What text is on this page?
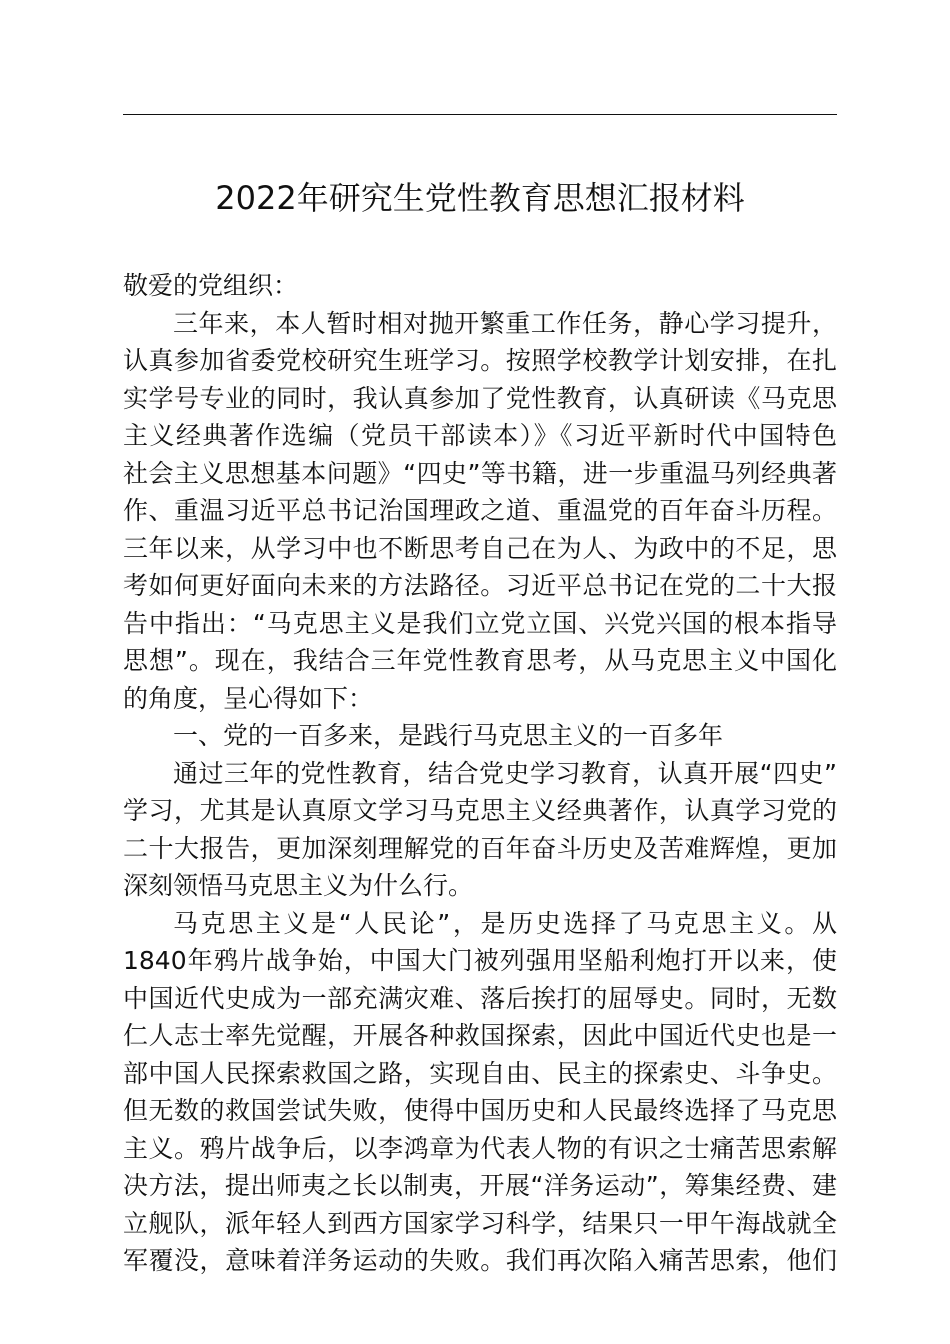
2022年研究生党性教育思想汇报材料
敬爱的党组织：
三年来，本人暂时相对抛开繁重工作任务，静心学习提升，
认真参加省委党校研究生班学习。按照学校教学计划安排，在扎
实学号专业的同时，我认真参加了党性教育，认真研读《马克思
主义经典著作选编（党员干部读本）》《习近平新时代中国特色
社会主义思想基本问题》“四史”等书籍，进一步重温马列经典著
作、重温习近平总书记治国理政之道、重温党的百年奋斗历程。
三年以来，从学习中也不断思考自己在为人、为政中的不足，思
考如何更好面向未来的方法路径。习近平总书记在党的二十大报
告中指出：“马克思主义是我们立党立国、兴党兴国的根本指导
思想”。现在，我结合三年党性教育思考，从马克思主义中国化
的角度，呈心得如下：
一、党的一百多来，是践行马克思主义的一百多年
通过三年的党性教育，结合党史学习教育，认真开展“四史”
学习，尤其是认真原文学习马克思主义经典著作，认真学习党的
二十大报告，更加深刻理解党的百年奋斗历史及苦难辉煌，更加
深刻领悟马克思主义为什么行。
马克思主义是“人民论”，是历史选择了马克思主义。从
1840年鸦片战争始，中国大门被列强用坚船利炮打开以来，使
中国近代史成为一部充满灾难、落后挨打的屈辱史。同时，无数
仁人志士率先觉醒，开展各种救国探索，因此中国近代史也是一
部中国人民探索救国之路，实现自由、民主的探索史、斗争史。
但无数的救国尝试失败，使得中国历史和人民最终选择了马克思
主义。鸦片战争后，以李鸿章为代表人物的有识之士痛苦思索解
决方法，提出师夷之长以制夷，开展“洋务运动”，筹集经费、建
立舰队，派年轻人到西方国家学习科学，结果只一甲午海战就全
军覆没，意味着洋务运动的失败。我们再次陷入痛苦思索，他们
